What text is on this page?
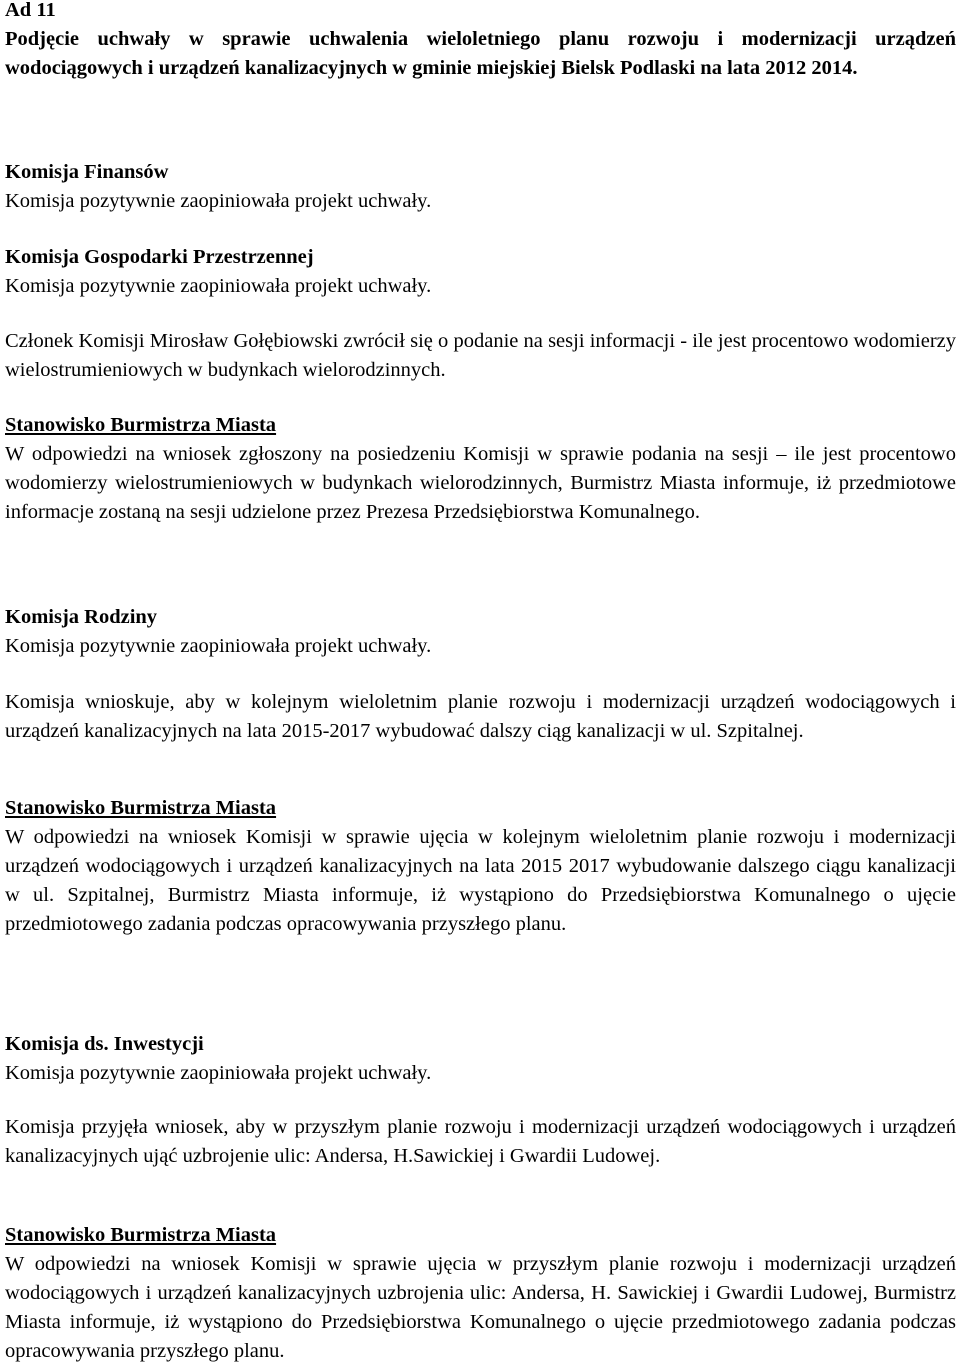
Ad 11

Podjęcie uchwały w sprawie uchwalenia wieloletniego planu rozwoju i modernizacji urządzeń wodociągowych i urządzeń kanalizacyjnych w gminie miejskiej Bielsk Podlaski na lata 2012 2014.

Komisja Finansów

Komisja pozytywnie zaopiniowała projekt uchwały.

Komisja Gospodarki Przestrzennej

Komisja pozytywnie zaopiniowała projekt uchwały.

Członek Komisji Mirosław Gołębiowski zwrócił się o podanie na sesji informacji - ile jest procentowo wodomierzy wielostrumieniowych w budynkach wielorodzinnych.

Stanowisko Burmistrza Miasta

W odpowiedzi na wniosek zgłoszony na posiedzeniu Komisji w sprawie podania na sesji – ile jest procentowo wodomierzy wielostrumieniowych w budynkach wielorodzinnych, Burmistrz Miasta informuje, iż przedmiotowe informacje zostaną na sesji udzielone przez Prezesa Przedsiębiorstwa Komunalnego.

Komisja Rodziny

Komisja pozytywnie zaopiniowała projekt uchwały.

Komisja wnioskuje, aby w kolejnym wieloletnim planie rozwoju i modernizacji urządzeń wodociągowych i urządzeń kanalizacyjnych na lata 2015-2017 wybudować dalszy ciąg kanalizacji w ul. Szpitalnej.

Stanowisko Burmistrza Miasta

W odpowiedzi na wniosek Komisji w sprawie ujęcia w kolejnym wieloletnim planie rozwoju i modernizacji urządzeń wodociągowych i urządzeń kanalizacyjnych na lata 2015 2017 wybudowanie dalszego ciągu kanalizacji w ul. Szpitalnej, Burmistrz Miasta informuje, iż wystąpiono do Przedsiębiorstwa Komunalnego o ujęcie przedmiotowego zadania podczas opracowywania przyszłego planu.

Komisja ds. Inwestycji

Komisja pozytywnie zaopiniowała projekt uchwały.

Komisja przyjęła wniosek, aby w przyszłym planie rozwoju i modernizacji urządzeń wodociągowych i urządzeń kanalizacyjnych ująć uzbrojenie ulic: Andersa, H.Sawickiej i Gwardii Ludowej.

Stanowisko Burmistrza Miasta

W odpowiedzi na wniosek Komisji w sprawie ujęcia w przyszłym planie rozwoju i modernizacji urządzeń wodociągowych i urządzeń kanalizacyjnych uzbrojenia ulic: Andersa, H. Sawickiej i Gwardii Ludowej, Burmistrz Miasta informuje, iż wystąpiono do Przedsiębiorstwa Komunalnego o ujęcie przedmiotowego zadania podczas opracowywania przyszłego planu.
